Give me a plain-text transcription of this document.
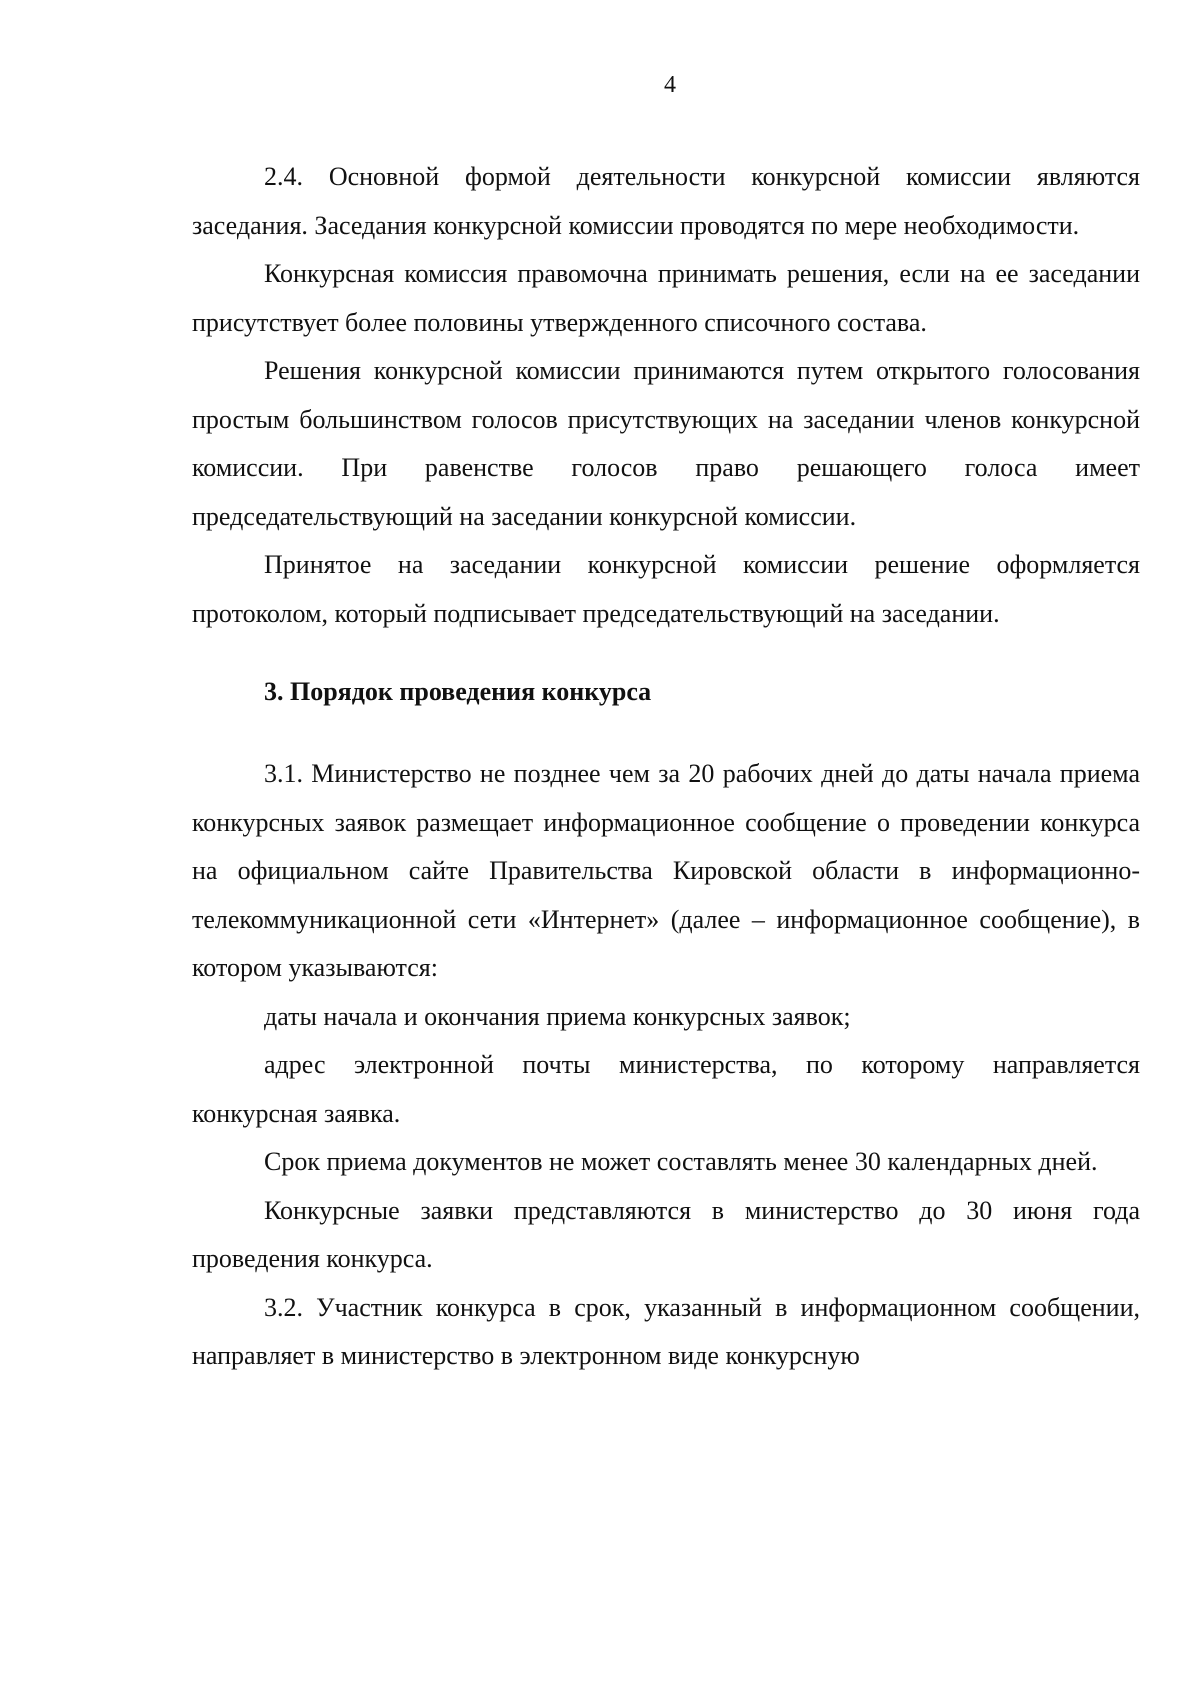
4

2.4. Основной формой деятельности конкурсной комиссии являются заседания. Заседания конкурсной комиссии проводятся по мере необходимости.

Конкурсная комиссия правомочна принимать решения, если на ее заседании присутствует более половины утвержденного списочного состава.

Решения конкурсной комиссии принимаются путем открытого голосования простым большинством голосов присутствующих на заседании членов конкурсной комиссии. При равенстве голосов право решающего голоса имеет председательствующий на заседании конкурсной комиссии.

Принятое на заседании конкурсной комиссии решение оформляется протоколом, который подписывает председательствующий на заседании.

3. Порядок проведения конкурса

3.1. Министерство не позднее чем за 20 рабочих дней до даты начала приема конкурсных заявок размещает информационное сообщение о проведении конкурса на официальном сайте Правительства Кировской области в информационно-телекоммуникационной сети «Интернет» (далее – информационное сообщение), в котором указываются:

даты начала и окончания приема конкурсных заявок;

адрес электронной почты министерства, по которому направляется конкурсная заявка.

Срок приема документов не может составлять менее 30 календарных дней.

Конкурсные заявки представляются в министерство до 30 июня года проведения конкурса.

3.2. Участник конкурса в срок, указанный в информационном сообщении, направляет в министерство в электронном виде конкурсную
